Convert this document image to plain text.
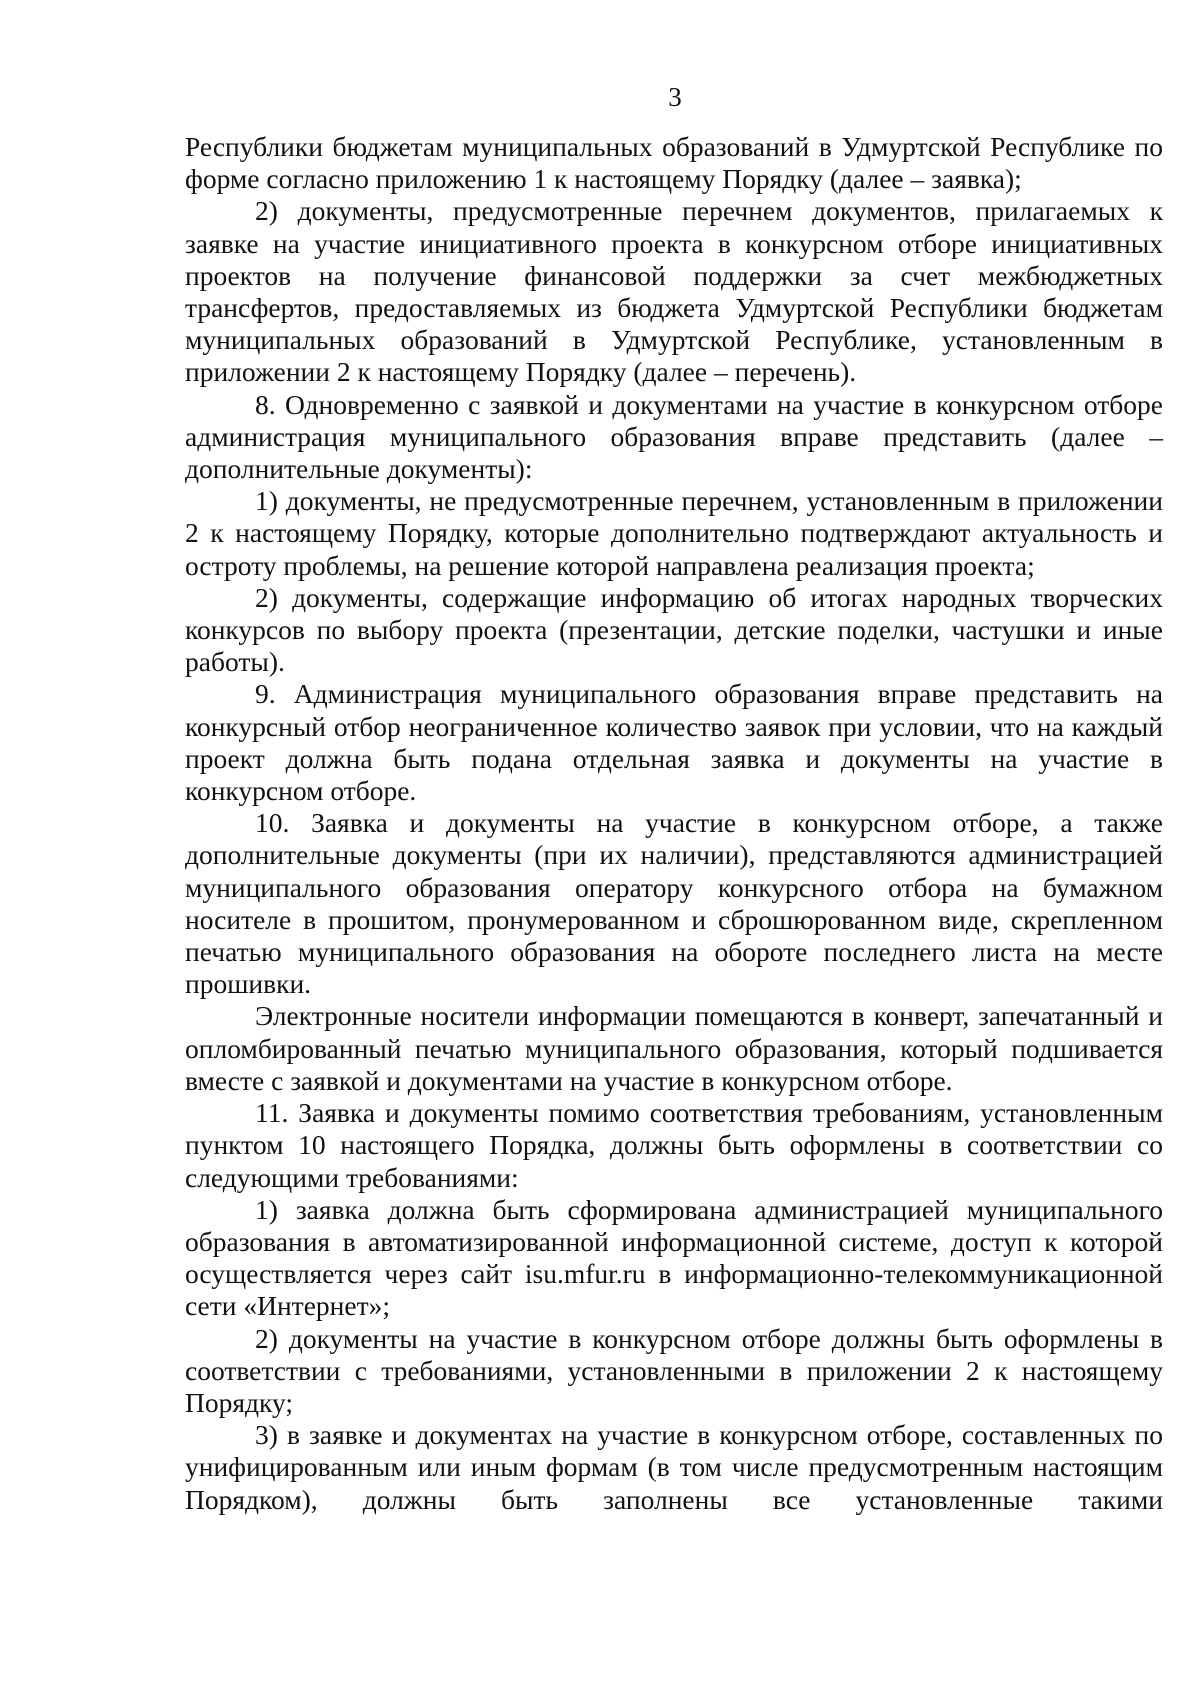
3

Республики бюджетам муниципальных образований в Удмуртской Республике по форме согласно приложению 1 к настоящему Порядку (далее – заявка);

2) документы, предусмотренные перечнем документов, прилагаемых к заявке на участие инициативного проекта в конкурсном отборе инициативных проектов на получение финансовой поддержки за счет межбюджетных трансфертов, предоставляемых из бюджета Удмуртской Республики бюджетам муниципальных образований в Удмуртской Республике, установленным в приложении 2 к настоящему Порядку (далее – перечень).

8. Одновременно с заявкой и документами на участие в конкурсном отборе администрация муниципального образования вправе представить (далее – дополнительные документы):

1) документы, не предусмотренные перечнем, установленным в приложении 2 к настоящему Порядку, которые дополнительно подтверждают актуальность и остроту проблемы, на решение которой направлена реализация проекта;

2) документы, содержащие информацию об итогах народных творческих конкурсов по выбору проекта (презентации, детские поделки, частушки и иные работы).

9. Администрация муниципального образования вправе представить на конкурсный отбор неограниченное количество заявок при условии, что на каждый проект должна быть подана отдельная заявка и документы на участие в конкурсном отборе.

10. Заявка и документы на участие в конкурсном отборе, а также дополнительные документы (при их наличии), представляются администрацией муниципального образования оператору конкурсного отбора на бумажном носителе в прошитом, пронумерованном и сброшюрованном виде, скрепленном печатью муниципального образования на обороте последнего листа на месте прошивки.

Электронные носители информации помещаются в конверт, запечатанный и опломбированный печатью муниципального образования, который подшивается вместе с заявкой и документами на участие в конкурсном отборе.

11. Заявка и документы помимо соответствия требованиям, установленным пунктом 10 настоящего Порядка, должны быть оформлены в соответствии со следующими требованиями:

1) заявка должна быть сформирована администрацией муниципального образования в автоматизированной информационной системе, доступ к которой осуществляется через сайт isu.mfur.ru в информационно-телекоммуникационной сети «Интернет»;

2) документы на участие в конкурсном отборе должны быть оформлены в соответствии с требованиями, установленными в приложении 2 к настоящему Порядку;

3) в заявке и документах на участие в конкурсном отборе, составленных по унифицированным или иным формам (в том числе предусмотренным настоящим Порядком), должны быть заполнены все установленные такими
